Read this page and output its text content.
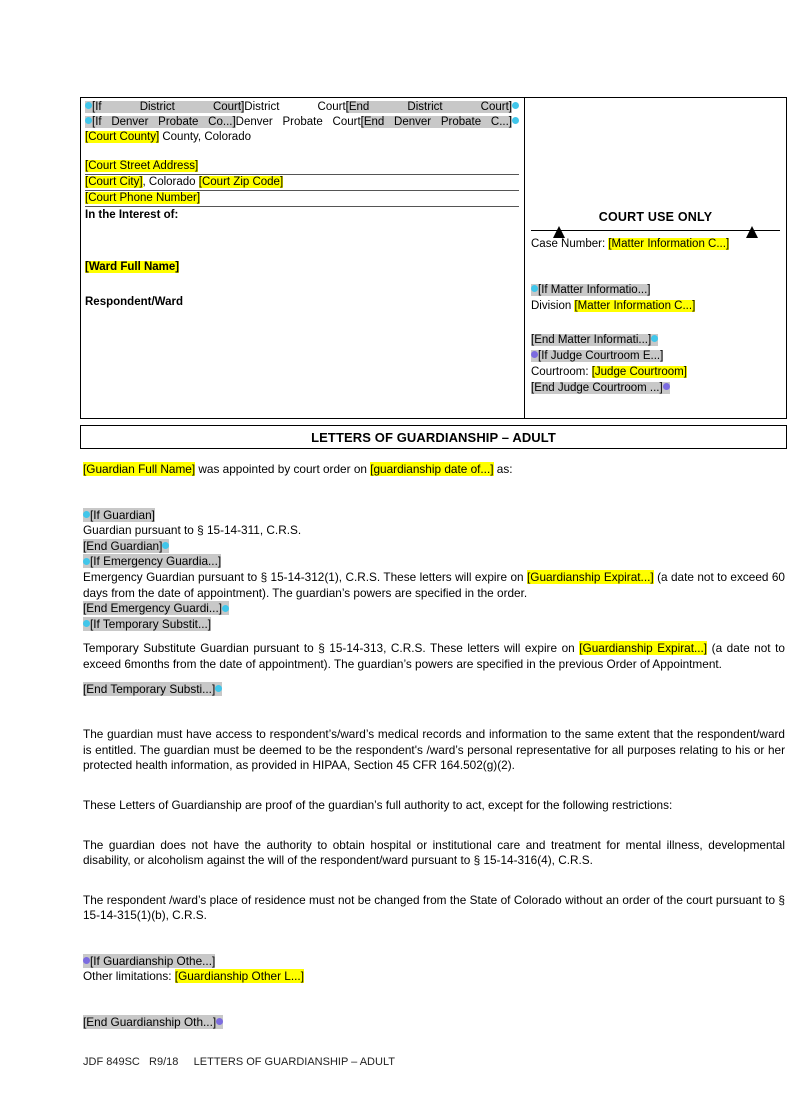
[If District Court]District Court[End District Court][If Denver Probate Co...]Denver Probate Court[End Denver Probate C...]
[Court County] County, Colorado
[Court Street Address]
[Court City], Colorado [Court Zip Code]
[Court Phone Number]
In the Interest of:
[Ward Full Name]
Respondent/Ward
COURT USE ONLY
Case Number: [Matter Information C...]
[If Matter Informatio...]
Division [Matter Information C...]
[End Matter Informati...]
[If Judge Courtroom E...]
Courtroom: [Judge Courtroom]
[End Judge Courtroom ...]
LETTERS OF GUARDIANSHIP – ADULT
[Guardian Full Name] was appointed by court order on [guardianship date of...] as:
[If Guardian]
Guardian pursuant to § 15-14-311, C.R.S.
[End Guardian]
[If Emergency Guardia...]
Emergency Guardian pursuant to § 15-14-312(1), C.R.S. These letters will expire on [Guardianship Expirat...] (a date not to exceed 60 days from the date of appointment). The guardian’s powers are specified in the order.
[End Emergency Guardi...]
[If Temporary Substit...]
Temporary Substitute Guardian pursuant to § 15-14-313, C.R.S. These letters will expire on [Guardianship Expirat...] (a date not to exceed 6months from the date of appointment). The guardian’s powers are specified in the previous Order of Appointment.
[End Temporary Substi...]
The guardian must have access to respondent’s/ward’s medical records and information to the same extent that the respondent/ward is entitled. The guardian must be deemed to be the respondent's /ward’s personal representative for all purposes relating to his or her protected health information, as provided in HIPAA, Section 45 CFR 164.502(g)(2).
These Letters of Guardianship are proof of the guardian’s full authority to act, except for the following restrictions:
The guardian does not have the authority to obtain hospital or institutional care and treatment for mental illness, developmental disability, or alcoholism against the will of the respondent/ward pursuant to § 15-14-316(4), C.R.S.
The respondent /ward’s place of residence must not be changed from the State of Colorado without an order of the court pursuant to § 15-14-315(1)(b), C.R.S.
[If Guardianship Othe...]
Other limitations: [Guardianship Other L...]
[End Guardianship Oth...]
JDF 849SC   R9/18     LETTERS OF GUARDIANSHIP – ADULT
